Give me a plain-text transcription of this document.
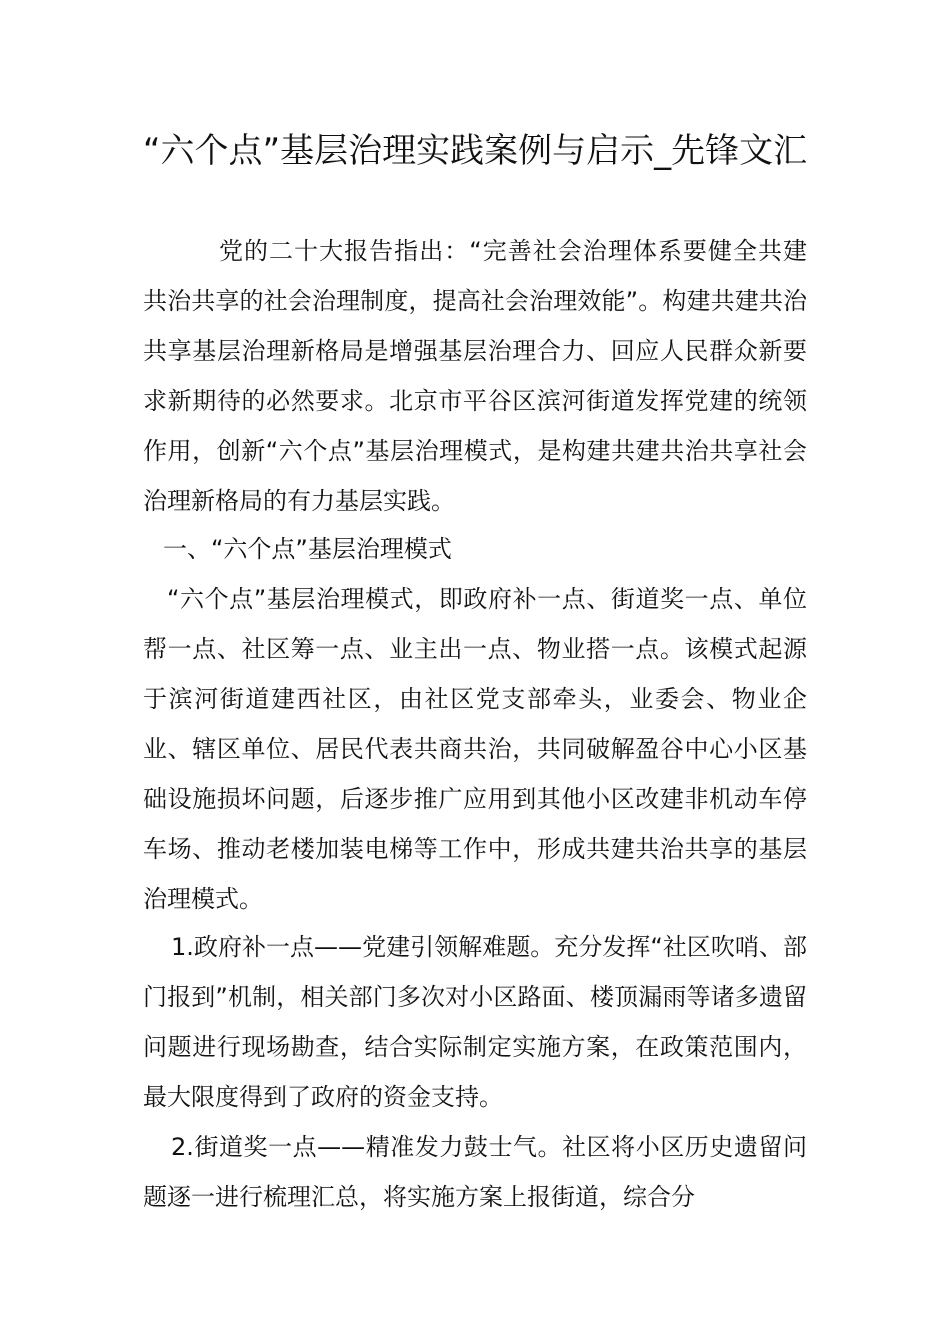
“六个点”基层治理实践案例与启示_先锋文汇

党的二十大报告指出：“完善社会治理体系要健全共建共治共享的社会治理制度，提高社会治理效能”。构建共建共治共享基层治理新格局是增强基层治理合力、回应人民群众新要求新期待的必然要求。北京市平谷区滨河街道发挥党建的统领作用，创新“六个点”基层治理模式，是构建共建共治共享社会治理新格局的有力基层实践。

一、“六个点”基层治理模式

“六个点”基层治理模式，即政府补一点、街道奖一点、单位帮一点、社区筹一点、业主出一点、物业搭一点。该模式起源于滨河街道建西社区，由社区党支部牵头，业委会、物业企业、辖区单位、居民代表共商共治，共同破解盈谷中心小区基础设施损坏问题，后逐步推广应用到其他小区改建非机动车停车场、推动老楼加装电梯等工作中，形成共建共治共享的基层治理模式。

1.政府补一点——党建引领解难题。充分发挥“社区吹哨、部门报到”机制，相关部门多次对小区路面、楼顶漏雨等诸多遗留问题进行现场勘查，结合实际制定实施方案，在政策范围内，最大限度得到了政府的资金支持。

2.街道奖一点——精准发力鼓士气。社区将小区历史遗留问题逐一进行梳理汇总，将实施方案上报街道，综合分
